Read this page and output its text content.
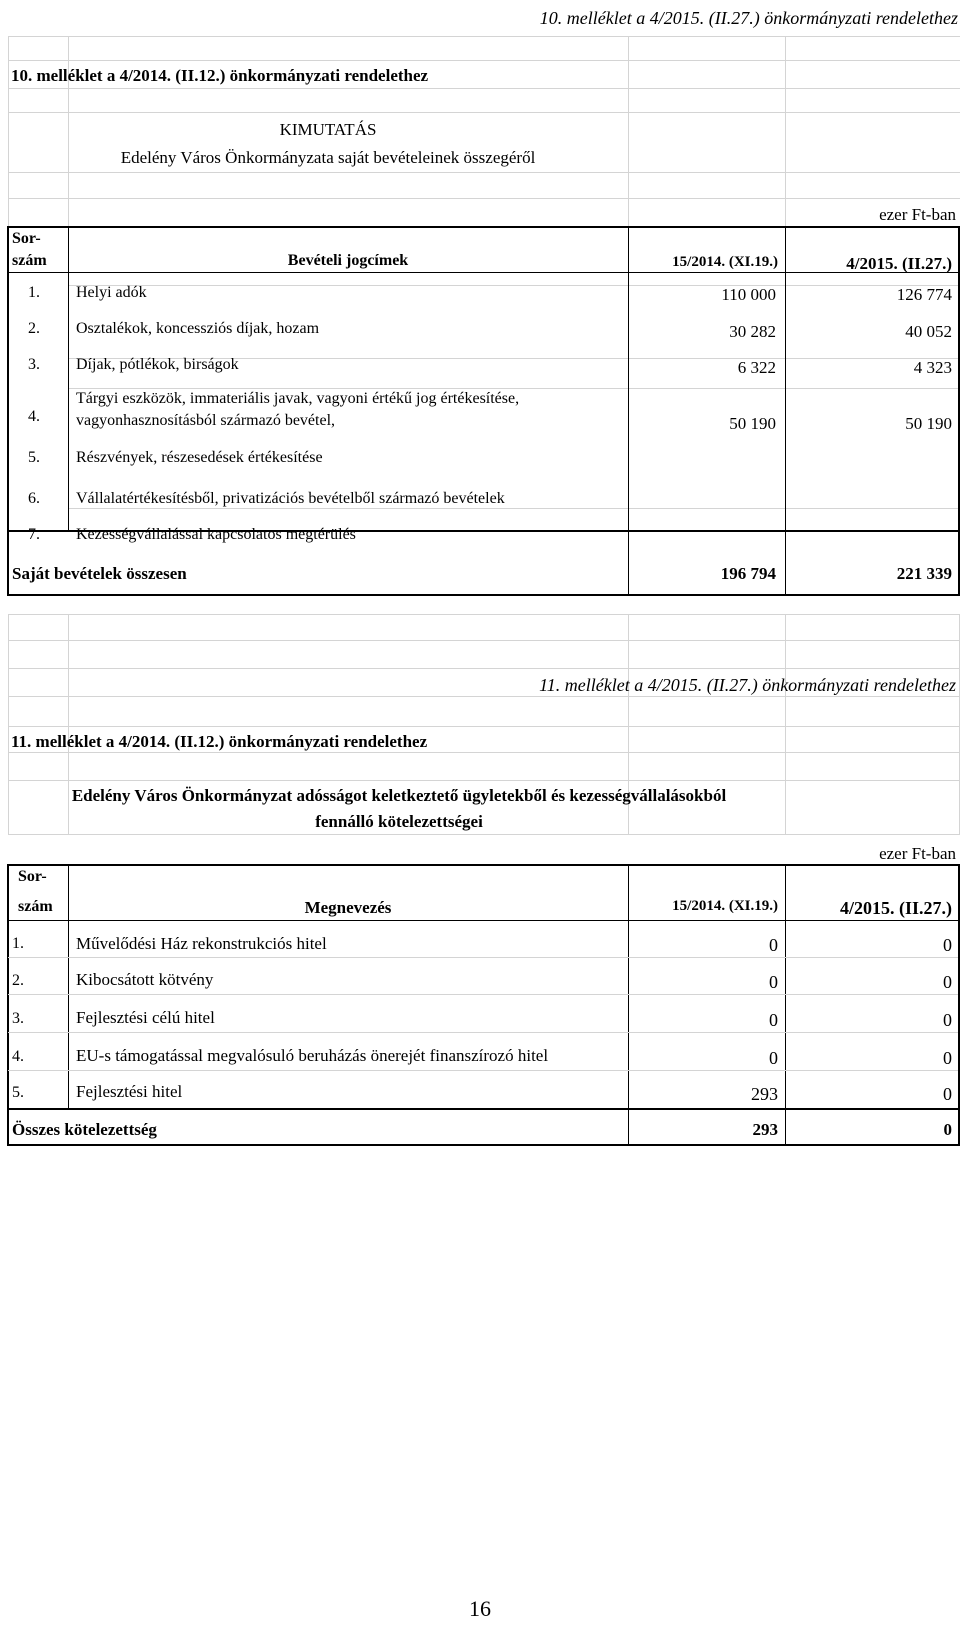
10. melléklet a 4/2015. (II.27.) önkormányzati rendelethez
10. melléklet a 4/2014. (II.12.) önkormányzati rendelethez
KIMUTATÁS
Edelény Város Önkormányzata saját bevételeinek összegéről
ezer Ft-ban
Sor-
szám	Bevételi jogcímek	15/2014. (XI.19.)	4/2015. (II.27.)
1. Helyi adók	110 000	126 774
2. Osztalékok, koncessziós díjak, hozam	30 282	40 052
3. Díjak, pótlékok, birságok	6 322	4 323
4.
Tárgyi eszközök, immateriális javak, vagyoni értékű jog értékesítése,
vagyonhasznosításból származó bevétel,	50 190	50 190
5. Részvények, részesedések értékesítése
6. Vállalatértékesítésből, privatizációs bevételből származó bevételek
7. Kezességvállalással kapcsolatos megtérülés
Saját bevételek összesen	196 794	221 339
11. melléklet a 4/2015. (II.27.) önkormányzati rendelethez
11. melléklet a 4/2014. (II.12.) önkormányzati rendelethez
Edelény Város Önkormányzat adósságot keletkeztető ügyletekből és kezességvállalásokból
fennálló kötelezettségei
ezer Ft-ban
Sor-
szám	Megnevezés	15/2014. (XI.19.)	4/2015. (II.27.)
1.	Művelődési Ház rekonstrukciós hitel	0	0
2.	Kibocsátott kötvény	0	0
3.	Fejlesztési célú hitel	0	0
4.	EU-s támogatással megvalósuló beruházás önerejét finanszírozó hitel	0	0
5.	Fejlesztési hitel	293	0
Összes kötelezettség	293	0
16
